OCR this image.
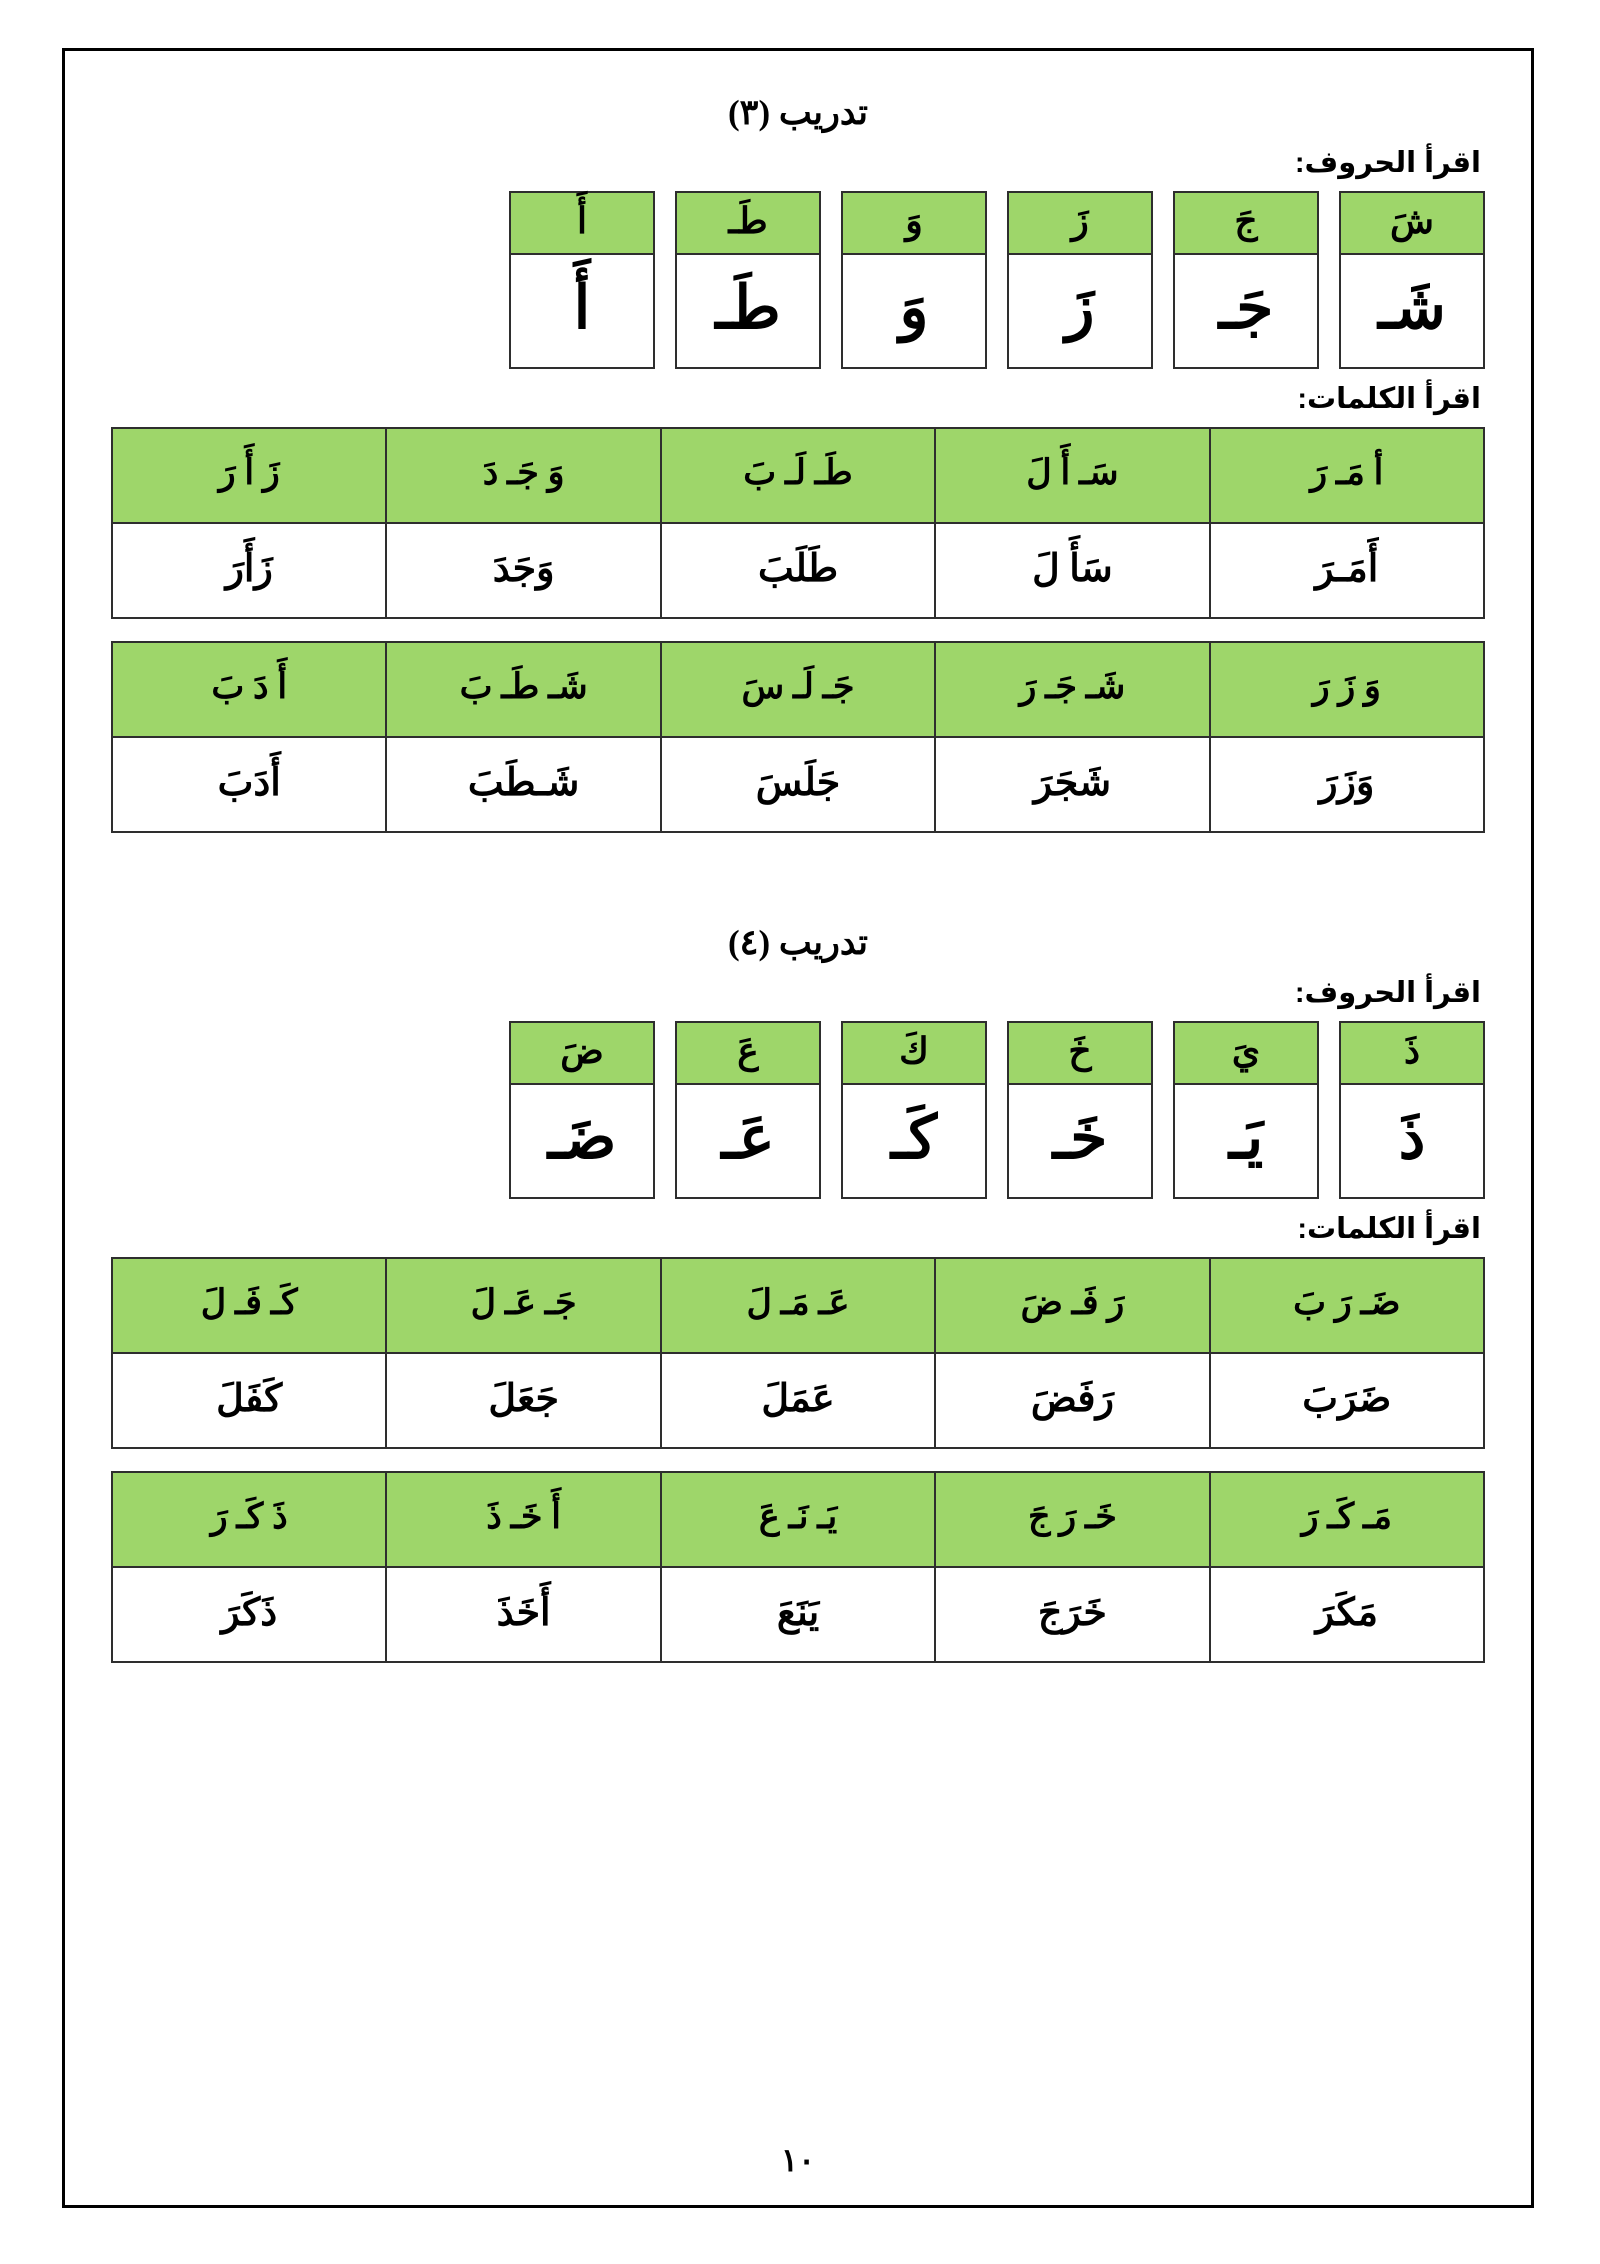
تدريب (٣)
اقرأ الحروف:
شَ
شَـ
جَ
جَـ
زَ
زَ
وَ
وَ
طَـ
طَـ
أَ
أَ
اقرأ الكلمات:
أ مَـ رَ	سَـ أَ لَ	طَـ لَـ بَ	وَ جَـ دَ	زَ أَ رَ
أَمَـرَ	سَأَ لَ	طَلَبَ	وَجَدَ	زَأَرَ
وَ زَ رَ	شَـ جَـ رَ	جَـ لَـ سَ	شَـ طَـ بَ	أَ دَ بَ
وَزَرَ	شَجَرَ	جَلَسَ	شَـطَبَ	أَدَبَ
تدريب (٤)
اقرأ الحروف:
ذَ
ذَ
يَ
يَـ
خَ
خَـ
كَ
كَـ
عَ
عَـ
ضَ
ضَـ
اقرأ الكلمات:
ضَـ رَ بَ	رَ فَـ ضَ	عَـ مَـ لَ	جَـ عَـ لَ	كَـ فَـ لَ
ضَرَبَ	رَفَضَ	عَمَلَ	جَعَلَ	كَفَلَ
مَـ كَـ رَ	خَـ رَ جَ	يَـ نَـ عَ	أَ خَـ ذَ	ذَ كَـ رَ
مَكَرَ	خَرَجَ	يَنَعَ	أَخَذَ	ذَكَرَ
١٠
